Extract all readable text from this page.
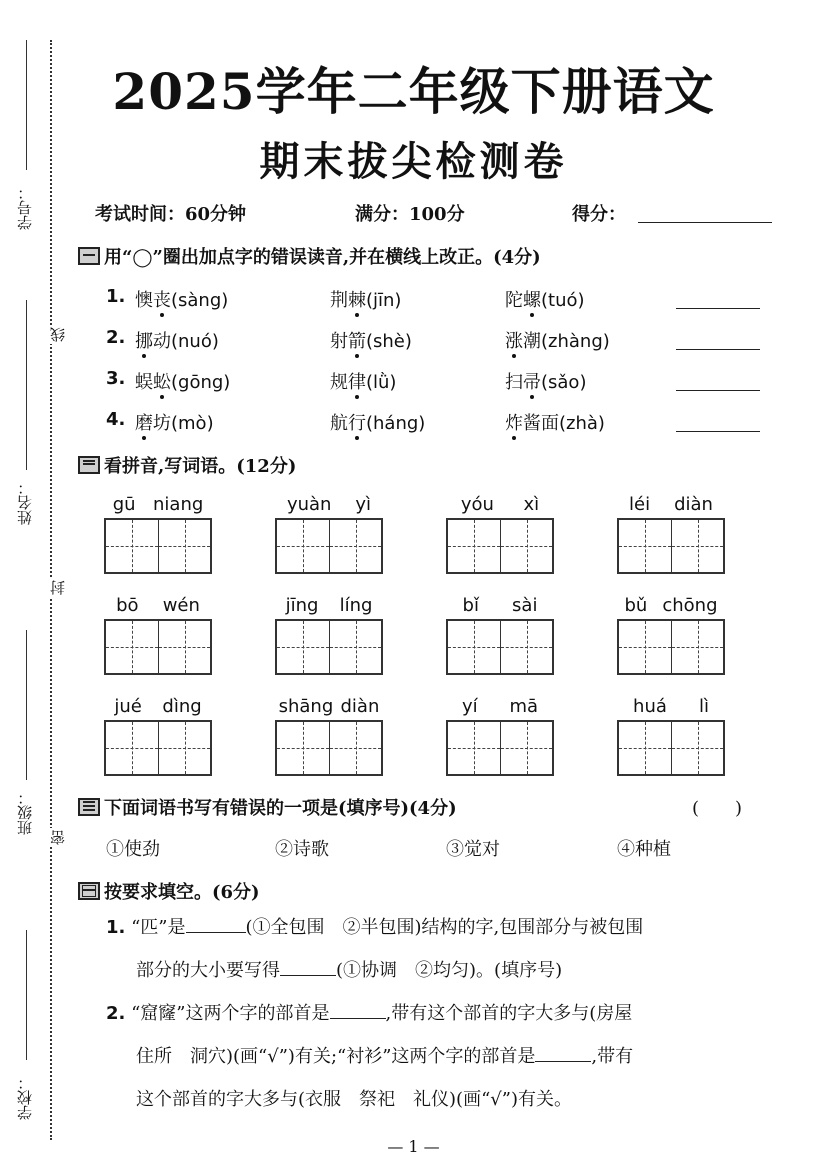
学号：
姓名：
班级：
学校：
线
封
密
2025学年二年级下册语文
期末拔尖检测卷
考试时间：60分钟	满分：100分	得分：
用“◯”圈出加点字的错误读音,并在横线上改正。(4分)
1. 懊丧(sàng)	荆棘(jīn)	陀螺(tuó)
2. 挪动(nuó)	射箭(shè)	涨潮(zhàng)
3. 蜈蚣(gōng)	规律(lǜ)	扫帚(sǎo)
4. 磨坊(mò)	航行(háng)	炸酱面(zhà)
看拼音,写词语。(12分)
gū niang	yuàn yì	yóu xì	léi diàn
bō wén	jīng líng	bǐ sài	bǔ chōng
jué dìng	shāng diàn	yí mā	huá lì
下面词语书写有错误的一项是(填序号)(4分)	(　　)
①使劲	②诗歌	③觉对	④种植
按要求填空。(6分)
1. “匹”是	(①全包围　②半包围)结构的字,包围部分与被包围
部分的大小要写得	(①协调　②均匀)。(填序号)
2. “窟窿”这两个字的部首是	,带有这个部首的字大多与(房屋
住所　洞穴)(画“√”)有关;“衬衫”这两个字的部首是	,带有
这个部首的字大多与(衣服　祭祀　礼仪)(画“√”)有关。
— 1 —
